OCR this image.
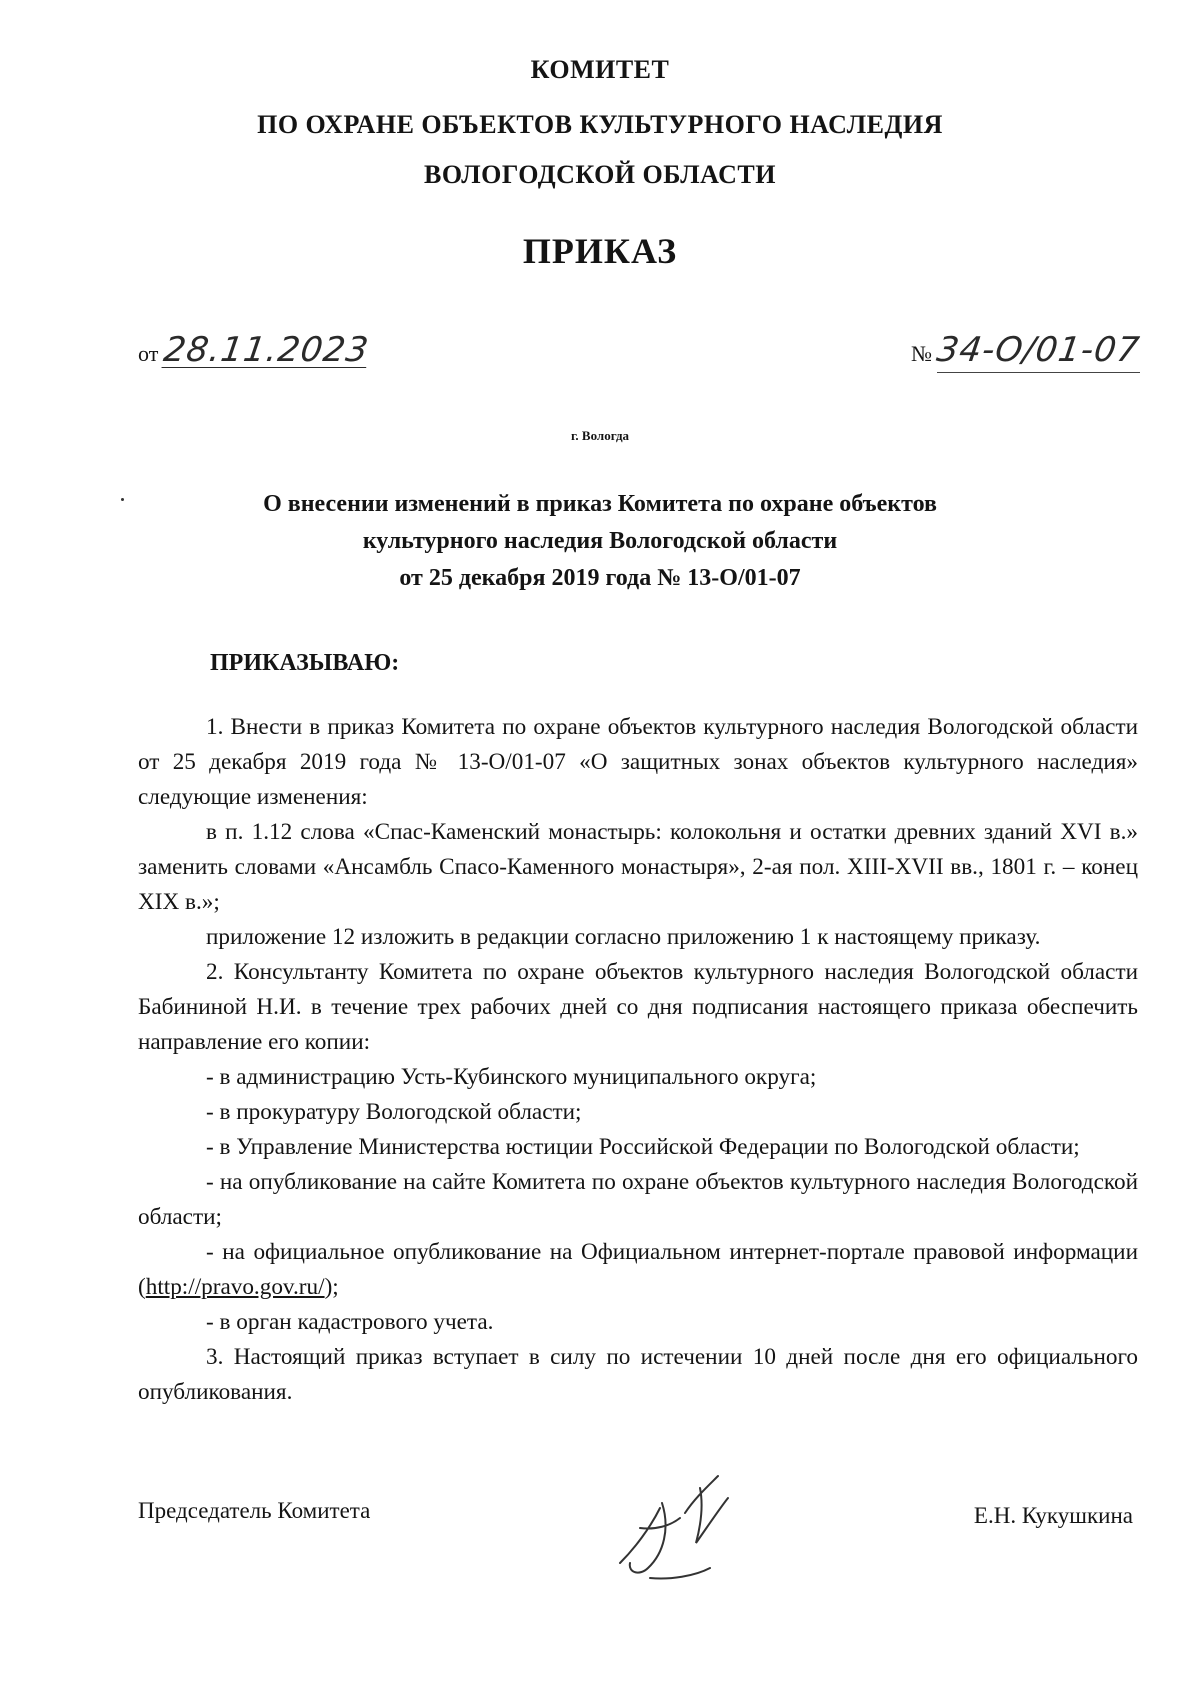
КОМИТЕТ
ПО ОХРАНЕ ОБЪЕКТОВ КУЛЬТУРНОГО НАСЛЕДИЯ
ВОЛОГОДСКОЙ ОБЛАСТИ
ПРИКАЗ
от 28.11.2023	№ 34-О/01-07
г. Вологда
О внесении изменений в приказ Комитета по охране объектов
культурного наследия Вологодской области
от 25 декабря 2019 года № 13-О/01-07
ПРИКАЗЫВАЮ:

1. Внести в приказ Комитета по охране объектов культурного наследия Вологодской области от 25 декабря 2019 года № 13-О/01-07 «О защитных зонах объектов культурного наследия» следующие изменения:

в п. 1.12 слова «Спас-Каменский монастырь: колокольня и остатки древних зданий XVI в.» заменить словами «Ансамбль Спасо-Каменного монастыря», 2-ая пол. XIII-XVII вв., 1801 г. – конец XIX в.»;

приложение 12 изложить в редакции согласно приложению 1 к настоящему приказу.

2. Консультанту Комитета по охране объектов культурного наследия Вологодской области Бабининой Н.И. в течение трех рабочих дней со дня подписания настоящего приказа обеспечить направление его копии:

- в администрацию Усть-Кубинского муниципального округа;

- в прокуратуру Вологодской области;

- в Управление Министерства юстиции Российской Федерации по Вологодской области;

- на опубликование на сайте Комитета по охране объектов культурного наследия Вологодской области;

- на официальное опубликование на Официальном интернет-портале правовой информации (http://pravo.gov.ru/);

- в орган кадастрового учета.

3. Настоящий приказ вступает в силу по истечении 10 дней после дня его официального опубликования.

Председатель Комитета	Е.Н. Кукушкина
